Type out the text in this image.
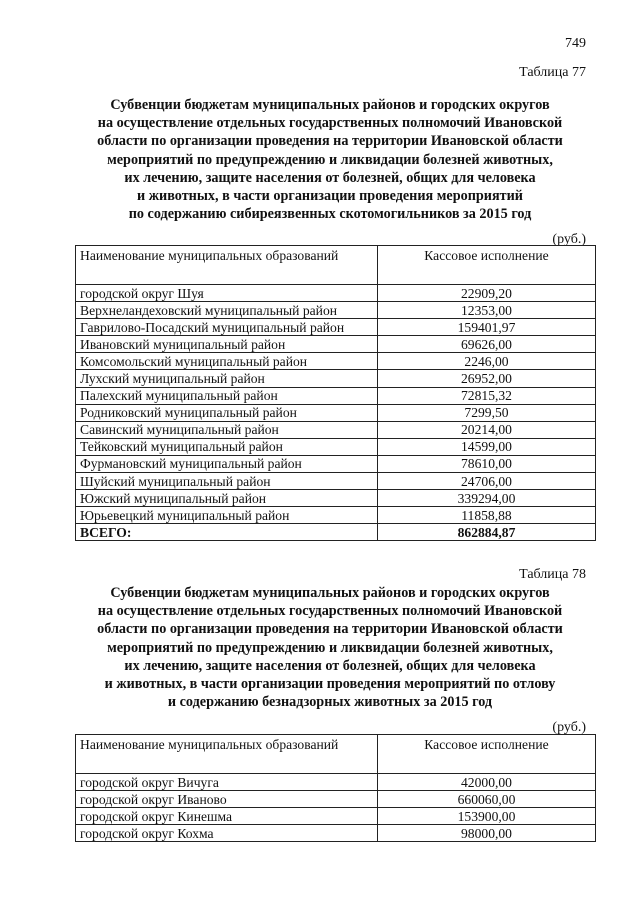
749
Таблица 77
Субвенции бюджетам муниципальных районов и городских округов
на осуществление отдельных государственных полномочий Ивановской
области по организации проведения на территории Ивановской области
мероприятий по предупреждению и ликвидации болезней животных,
их лечению, защите населения от болезней, общих для человека
и животных, в части организации проведения мероприятий
по содержанию сибиреязвенных скотомогильников за 2015 год
(руб.)
Наименование муниципальных образований	Кассовое исполнение
городской округ Шуя	22909,20
Верхнеландеховский муниципальный район	12353,00
Гаврилово-Посадский муниципальный район	159401,97
Ивановский муниципальный район	69626,00
Комсомольский муниципальный район	2246,00
Лухский муниципальный район	26952,00
Палехский муниципальный район	72815,32
Родниковский муниципальный район	7299,50
Савинский муниципальный район	20214,00
Тейковский муниципальный район	14599,00
Фурмановский муниципальный район	78610,00
Шуйский муниципальный район	24706,00
Южский муниципальный район	339294,00
Юрьевецкий муниципальный район	11858,88
ВСЕГО:	862884,87
Таблица 78
Субвенции бюджетам муниципальных районов и городских округов
на осуществление отдельных государственных полномочий Ивановской
области по организации проведения на территории Ивановской области
мероприятий по предупреждению и ликвидации болезней животных,
их лечению, защите населения от болезней, общих для человека
и животных, в части организации проведения мероприятий по отлову
и содержанию безнадзорных животных за 2015 год
(руб.)
Наименование муниципальных образований	Кассовое исполнение
городской округ Вичуга	42000,00
городской округ Иваново	660060,00
городской округ Кинешма	153900,00
городской округ Кохма	98000,00
